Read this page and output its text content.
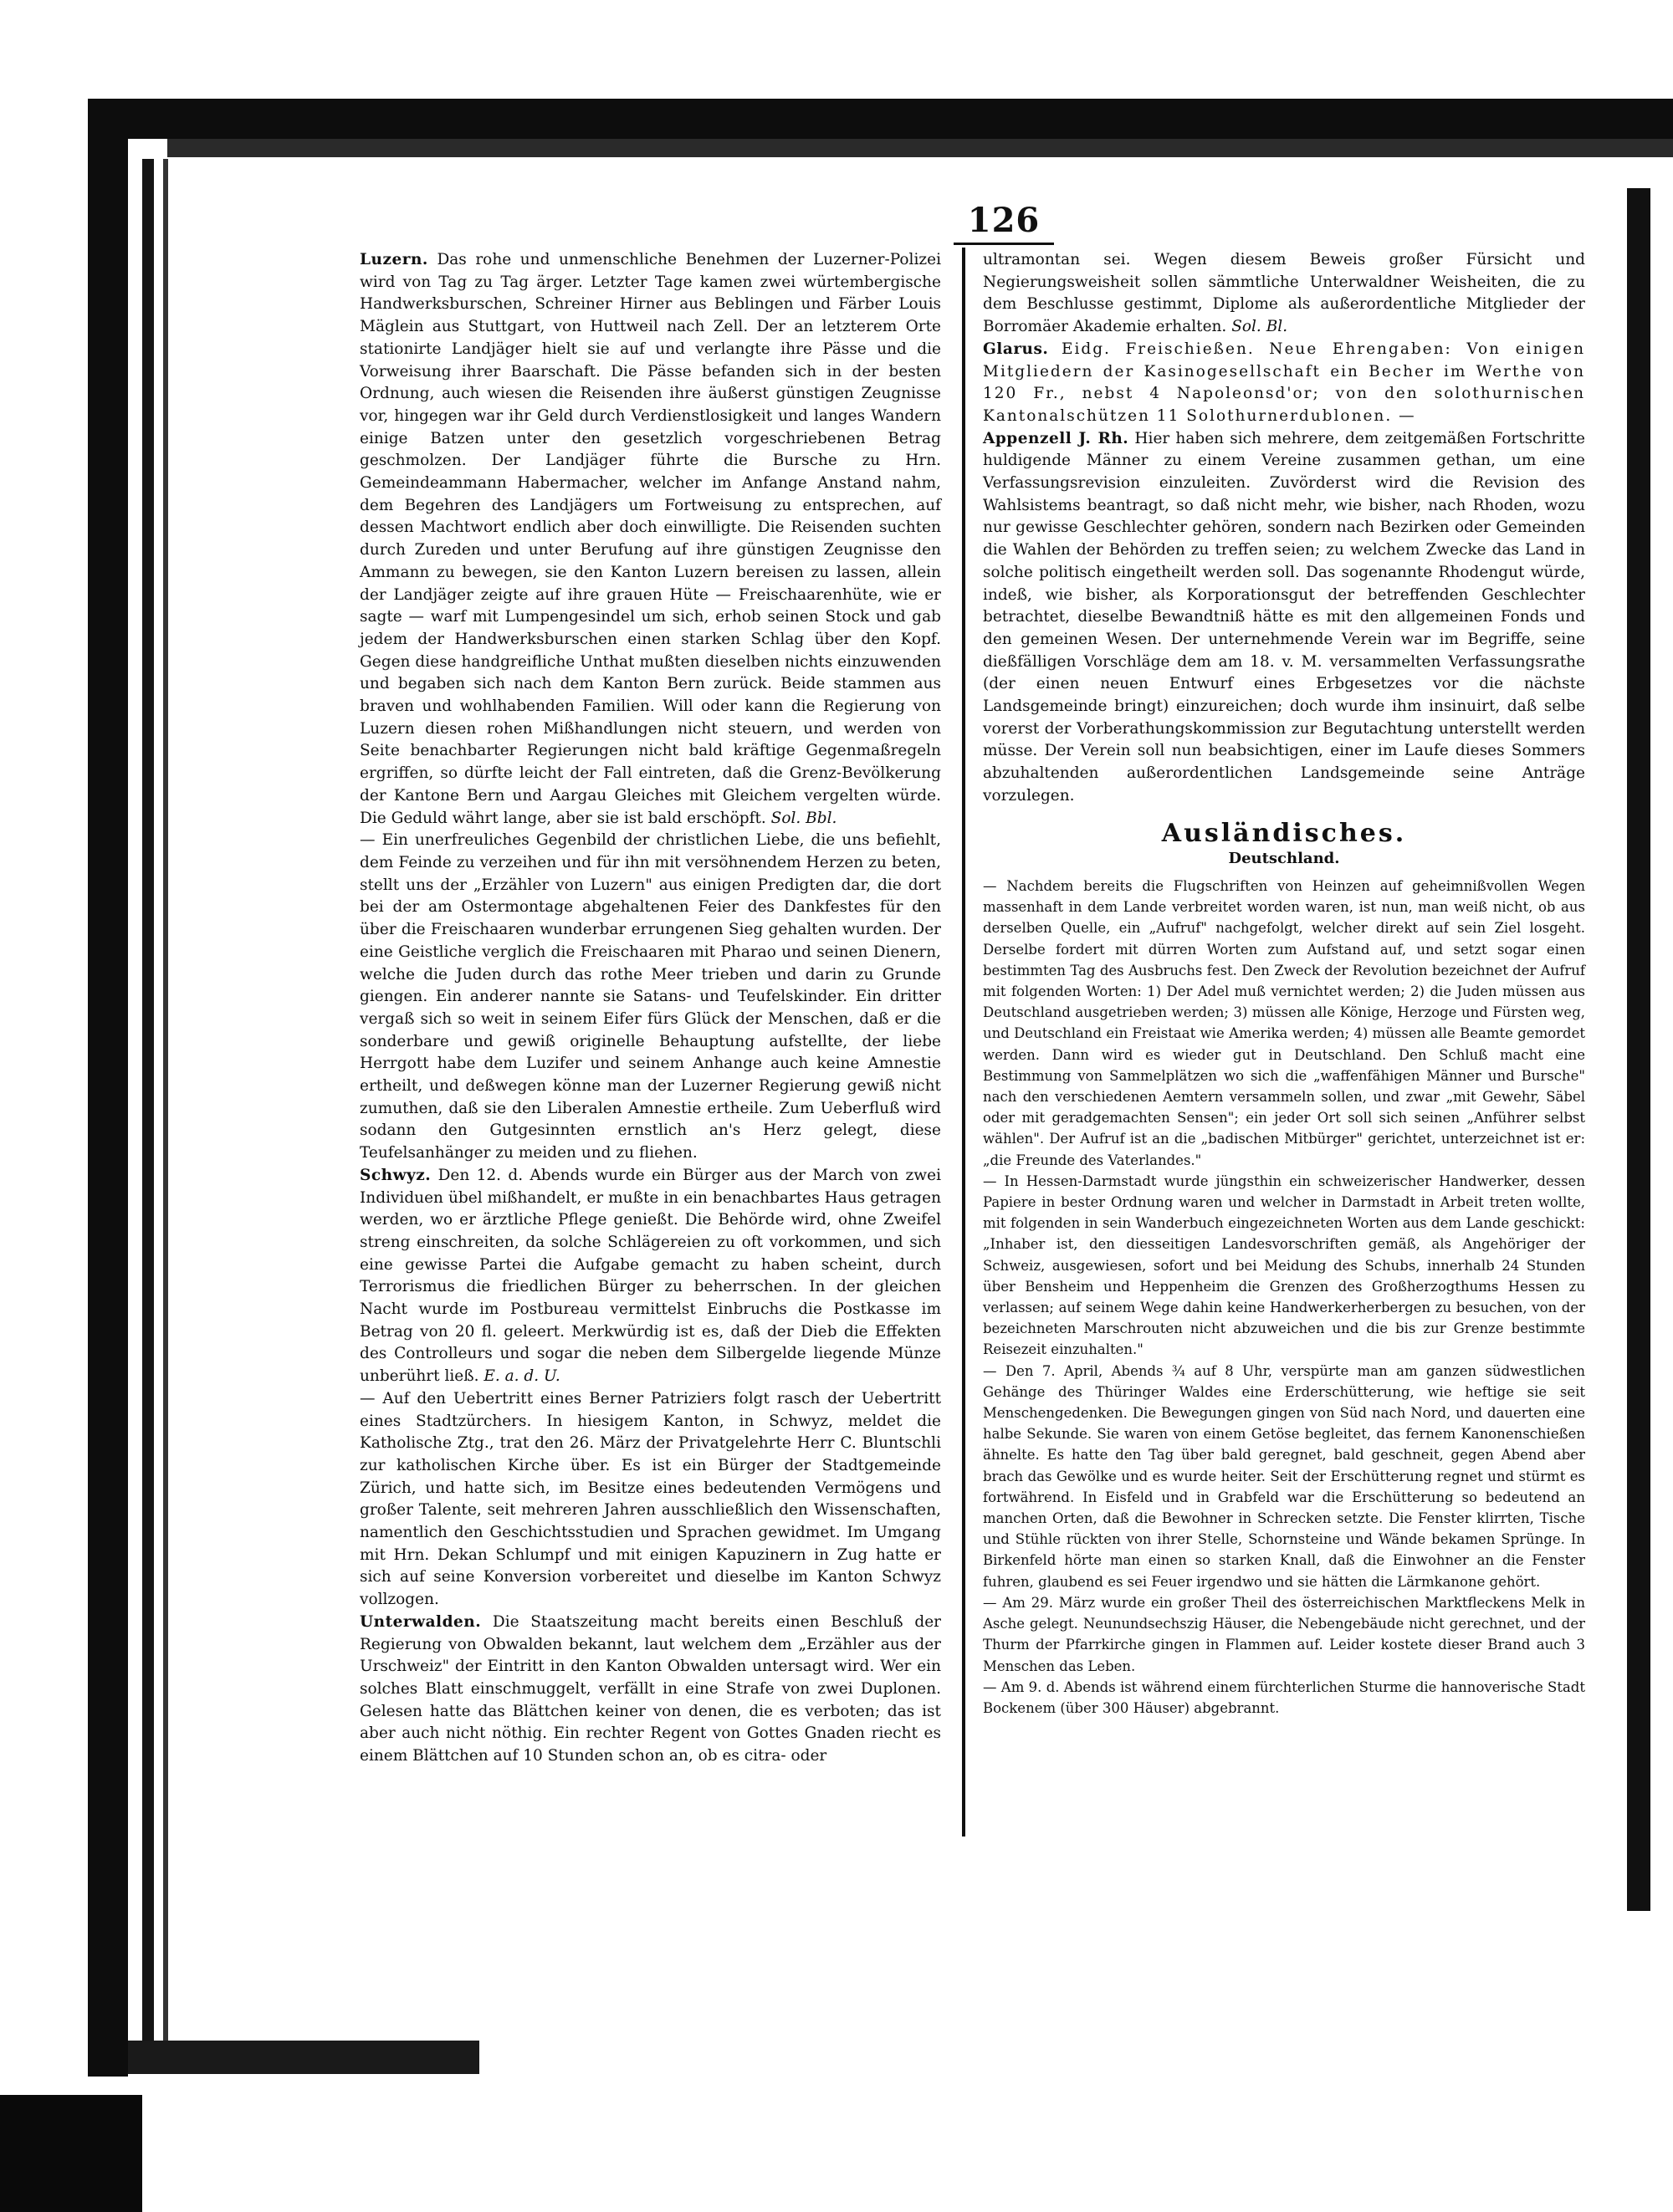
126

Luzern. Das rohe und unmenschliche Benehmen der Luzerner-Polizei wird von Tag zu Tag ärger. Letzter Tage kamen zwei würtembergische Handwerksburschen, Schreiner Hirner aus Beblingen und Färber Louis Mäglein aus Stuttgart, von Huttweil nach Zell. Der an letzterem Orte stationirte Landjäger hielt sie auf und verlangte ihre Pässe und die Vorweisung ihrer Baarschaft. Die Pässe befanden sich in der besten Ordnung, auch wiesen die Reisenden ihre äußerst günstigen Zeugnisse vor, hingegen war ihr Geld durch Verdienstlosigkeit und langes Wandern einige Batzen unter den gesetzlich vorgeschriebenen Betrag geschmolzen. Der Landjäger führte die Bursche zu Hrn. Gemeindeammann Habermacher, welcher im Anfange Anstand nahm, dem Begehren des Landjägers um Fortweisung zu entsprechen, auf dessen Machtwort endlich aber doch einwilligte. Die Reisenden suchten durch Zureden und unter Berufung auf ihre günstigen Zeugnisse den Ammann zu bewegen, sie den Kanton Luzern bereisen zu lassen, allein der Landjäger zeigte auf ihre grauen Hüte — Freischaarenhüte, wie er sagte — warf mit Lumpengesindel um sich, erhob seinen Stock und gab jedem der Handwerksburschen einen starken Schlag über den Kopf. Gegen diese handgreifliche Unthat mußten dieselben nichts einzuwenden und begaben sich nach dem Kanton Bern zurück. Beide stammen aus braven und wohlhabenden Familien. Will oder kann die Regierung von Luzern diesen rohen Mißhandlungen nicht steuern, und werden von Seite benachbarter Regierungen nicht bald kräftige Gegenmaßregeln ergriffen, so dürfte leicht der Fall eintreten, daß die Grenz-Bevölkerung der Kantone Bern und Aargau Gleiches mit Gleichem vergelten würde. Die Geduld währt lange, aber sie ist bald erschöpft. Sol. Bbl.

— Ein unerfreuliches Gegenbild der christlichen Liebe, die uns befiehlt, dem Feinde zu verzeihen und für ihn mit versöhnendem Herzen zu beten, stellt uns der „Erzähler von Luzern" aus einigen Predigten dar, die dort bei der am Ostermontage abgehaltenen Feier des Dankfestes für den über die Freischaaren wunderbar errungenen Sieg gehalten wurden. Der eine Geistliche verglich die Freischaaren mit Pharao und seinen Dienern, welche die Juden durch das rothe Meer trieben und darin zu Grunde giengen. Ein anderer nannte sie Satans- und Teufelskinder. Ein dritter vergaß sich so weit in seinem Eifer fürs Glück der Menschen, daß er die sonderbare und gewiß originelle Behauptung aufstellte, der liebe Herrgott habe dem Luzifer und seinem Anhange auch keine Amnestie ertheilt, und deßwegen könne man der Luzerner Regierung gewiß nicht zumuthen, daß sie den Liberalen Amnestie ertheile. Zum Ueberfluß wird sodann den Gutgesinnten ernstlich an's Herz gelegt, diese Teufelsanhänger zu meiden und zu fliehen.

Schwyz. Den 12. d. Abends wurde ein Bürger aus der March von zwei Individuen übel mißhandelt, er mußte in ein benachbartes Haus getragen werden, wo er ärztliche Pflege genießt. Die Behörde wird, ohne Zweifel streng einschreiten, da solche Schlägereien zu oft vorkommen, und sich eine gewisse Partei die Aufgabe gemacht zu haben scheint, durch Terrorismus die friedlichen Bürger zu beherrschen. In der gleichen Nacht wurde im Postbureau vermittelst Einbruchs die Postkasse im Betrag von 20 fl. geleert. Merkwürdig ist es, daß der Dieb die Effekten des Controlleurs und sogar die neben dem Silbergelde liegende Münze unberührt ließ. E. a. d. U.

— Auf den Uebertritt eines Berner Patriziers folgt rasch der Uebertritt eines Stadtzürchers. In hiesigem Kanton, in Schwyz, meldet die Katholische Ztg., trat den 26. März der Privatgelehrte Herr C. Bluntschli zur katholischen Kirche über. Es ist ein Bürger der Stadtgemeinde Zürich, und hatte sich, im Besitze eines bedeutenden Vermögens und großer Talente, seit mehreren Jahren ausschließlich den Wissenschaften, namentlich den Geschichtsstudien und Sprachen gewidmet. Im Umgang mit Hrn. Dekan Schlumpf und mit einigen Kapuzinern in Zug hatte er sich auf seine Konversion vorbereitet und dieselbe im Kanton Schwyz vollzogen.

Unterwalden. Die Staatszeitung macht bereits einen Beschluß der Regierung von Obwalden bekannt, laut welchem dem „Erzähler aus der Urschweiz" der Eintritt in den Kanton Obwalden untersagt wird. Wer ein solches Blatt einschmuggelt, verfällt in eine Strafe von zwei Duplonen. Gelesen hatte das Blättchen keiner von denen, die es verboten; das ist aber auch nicht nöthig. Ein rechter Regent von Gottes Gnaden riecht es einem Blättchen auf 10 Stunden schon an, ob es citra- oder

ultramontan sei. Wegen diesem Beweis großer Fürsicht und Negierungsweisheit sollen sämmtliche Unterwaldner Weisheiten, die zu dem Beschlusse gestimmt, Diplome als außerordentliche Mitglieder der Borromäer Akademie erhalten. Sol. Bl.

Glarus. Eidg. Freischießen. Neue Ehrengaben: Von einigen Mitgliedern der Kasinogesellschaft ein Becher im Werthe von 120 Fr., nebst 4 Napoleonsd'or; von den solothurnischen Kantonalschützen 11 Solothurnerdublonen. —

Appenzell J. Rh. Hier haben sich mehrere, dem zeitgemäßen Fortschritte huldigende Männer zu einem Vereine zusammen gethan, um eine Verfassungsrevision einzuleiten. Zuvörderst wird die Revision des Wahlsistems beantragt, so daß nicht mehr, wie bisher, nach Rhoden, wozu nur gewisse Geschlechter gehören, sondern nach Bezirken oder Gemeinden die Wahlen der Behörden zu treffen seien; zu welchem Zwecke das Land in solche politisch eingetheilt werden soll. Das sogenannte Rhodengut würde, indeß, wie bisher, als Korporationsgut der betreffenden Geschlechter betrachtet, dieselbe Bewandtniß hätte es mit den allgemeinen Fonds und den gemeinen Wesen. Der unternehmende Verein war im Begriffe, seine dießfälligen Vorschläge dem am 18. v. M. versammelten Verfassungsrathe (der einen neuen Entwurf eines Erbgesetzes vor die nächste Landsgemeinde bringt) einzureichen; doch wurde ihm insinuirt, daß selbe vorerst der Vorberathungskommission zur Begutachtung unterstellt werden müsse. Der Verein soll nun beabsichtigen, einer im Laufe dieses Sommers abzuhaltenden außerordentlichen Landsgemeinde seine Anträge vorzulegen.

Ausländisches.
Deutschland.

— Nachdem bereits die Flugschriften von Heinzen auf geheimnißvollen Wegen massenhaft in dem Lande verbreitet worden waren, ist nun, man weiß nicht, ob aus derselben Quelle, ein „Aufruf" nachgefolgt, welcher direkt auf sein Ziel losgeht. Derselbe fordert mit dürren Worten zum Aufstand auf, und setzt sogar einen bestimmten Tag des Ausbruchs fest. Den Zweck der Revolution bezeichnet der Aufruf mit folgenden Worten: 1) Der Adel muß vernichtet werden; 2) die Juden müssen aus Deutschland ausgetrieben werden; 3) müssen alle Könige, Herzoge und Fürsten weg, und Deutschland ein Freistaat wie Amerika werden; 4) müssen alle Beamte gemordet werden. Dann wird es wieder gut in Deutschland. Den Schluß macht eine Bestimmung von Sammelplätzen wo sich die „waffenfähigen Männer und Bursche" nach den verschiedenen Aemtern versammeln sollen, und zwar „mit Gewehr, Säbel oder mit geradgemachten Sensen"; ein jeder Ort soll sich seinen „Anführer selbst wählen". Der Aufruf ist an die „badischen Mitbürger" gerichtet, unterzeichnet ist er: „die Freunde des Vaterlandes."

— In Hessen-Darmstadt wurde jüngsthin ein schweizerischer Handwerker, dessen Papiere in bester Ordnung waren und welcher in Darmstadt in Arbeit treten wollte, mit folgenden in sein Wanderbuch eingezeichneten Worten aus dem Lande geschickt: „Inhaber ist, den diesseitigen Landesvorschriften gemäß, als Angehöriger der Schweiz, ausgewiesen, sofort und bei Meidung des Schubs, innerhalb 24 Stunden über Bensheim und Heppenheim die Grenzen des Großherzogthums Hessen zu verlassen; auf seinem Wege dahin keine Handwerkerherbergen zu besuchen, von der bezeichneten Marschrouten nicht abzuweichen und die bis zur Grenze bestimmte Reisezeit einzuhalten."

— Den 7. April, Abends ¾ auf 8 Uhr, verspürte man am ganzen südwestlichen Gehänge des Thüringer Waldes eine Erderschütterung, wie heftige sie seit Menschengedenken. Die Bewegungen gingen von Süd nach Nord, und dauerten eine halbe Sekunde. Sie waren von einem Getöse begleitet, das fernem Kanonenschießen ähnelte. Es hatte den Tag über bald geregnet, bald geschneit, gegen Abend aber brach das Gewölke und es wurde heiter. Seit der Erschütterung regnet und stürmt es fortwährend. In Eisfeld und in Grabfeld war die Erschütterung so bedeutend an manchen Orten, daß die Bewohner in Schrecken setzte. Die Fenster klirrten, Tische und Stühle rückten von ihrer Stelle, Schornsteine und Wände bekamen Sprünge. In Birkenfeld hörte man einen so starken Knall, daß die Einwohner an die Fenster fuhren, glaubend es sei Feuer irgendwo und sie hätten die Lärmkanone gehört.

— Am 29. März wurde ein großer Theil des österreichischen Marktfleckens Melk in Asche gelegt. Neunundsechszig Häuser, die Nebengebäude nicht gerechnet, und der Thurm der Pfarrkirche gingen in Flammen auf. Leider kostete dieser Brand auch 3 Menschen das Leben.

— Am 9. d. Abends ist während einem fürchterlichen Sturme die hannoverische Stadt Bockenem (über 300 Häuser) abgebrannt.
